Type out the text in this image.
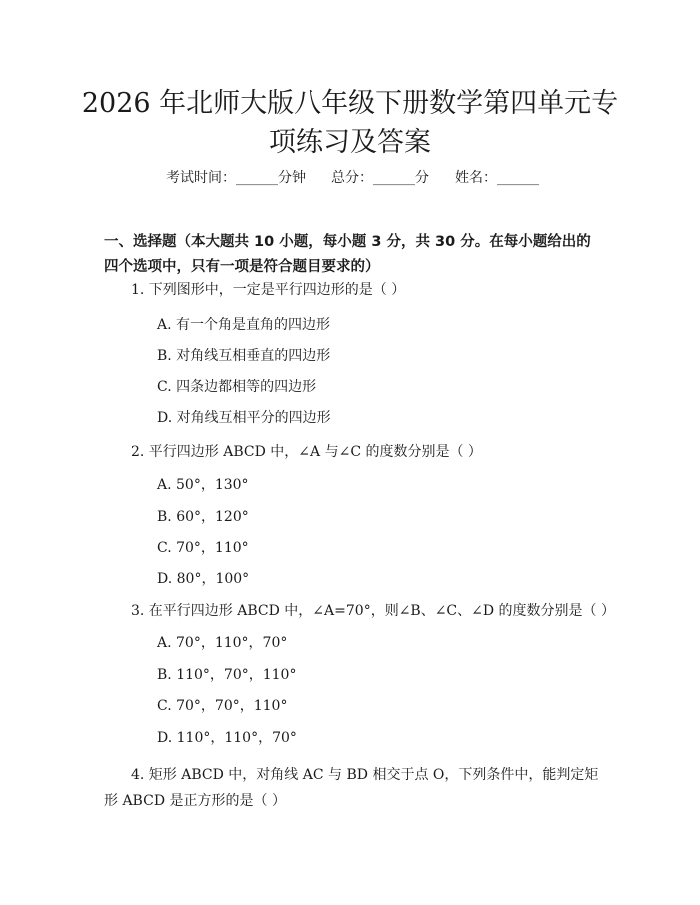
2026 年北师大版八年级下册数学第四单元专
项练习及答案
考试时间：______分钟 总分：______分 姓名：______
一、选择题（本大题共 10 小题，每小题 3 分，共 30 分。在每小题给出的四个选项中，只有一项是符合题目要求的）
1. 下列图形中，一定是平行四边形的是（ ）
A. 有一个角是直角的四边形
B. 对角线互相垂直的四边形
C. 四条边都相等的四边形
D. 对角线互相平分的四边形
2. 平行四边形 ABCD 中，∠A 与∠C 的度数分别是（ ）
A. 50°，130°
B. 60°，120°
C. 70°，110°
D. 80°，100°
3. 在平行四边形 ABCD 中，∠A=70°，则∠B、∠C、∠D 的度数分别是（ ）
A. 70°，110°，70°
B. 110°，70°，110°
C. 70°，70°，110°
D. 110°，110°，70°
4. 矩形 ABCD 中，对角线 AC 与 BD 相交于点 O，下列条件中，能判定矩形 ABCD 是正方形的是（ ）
